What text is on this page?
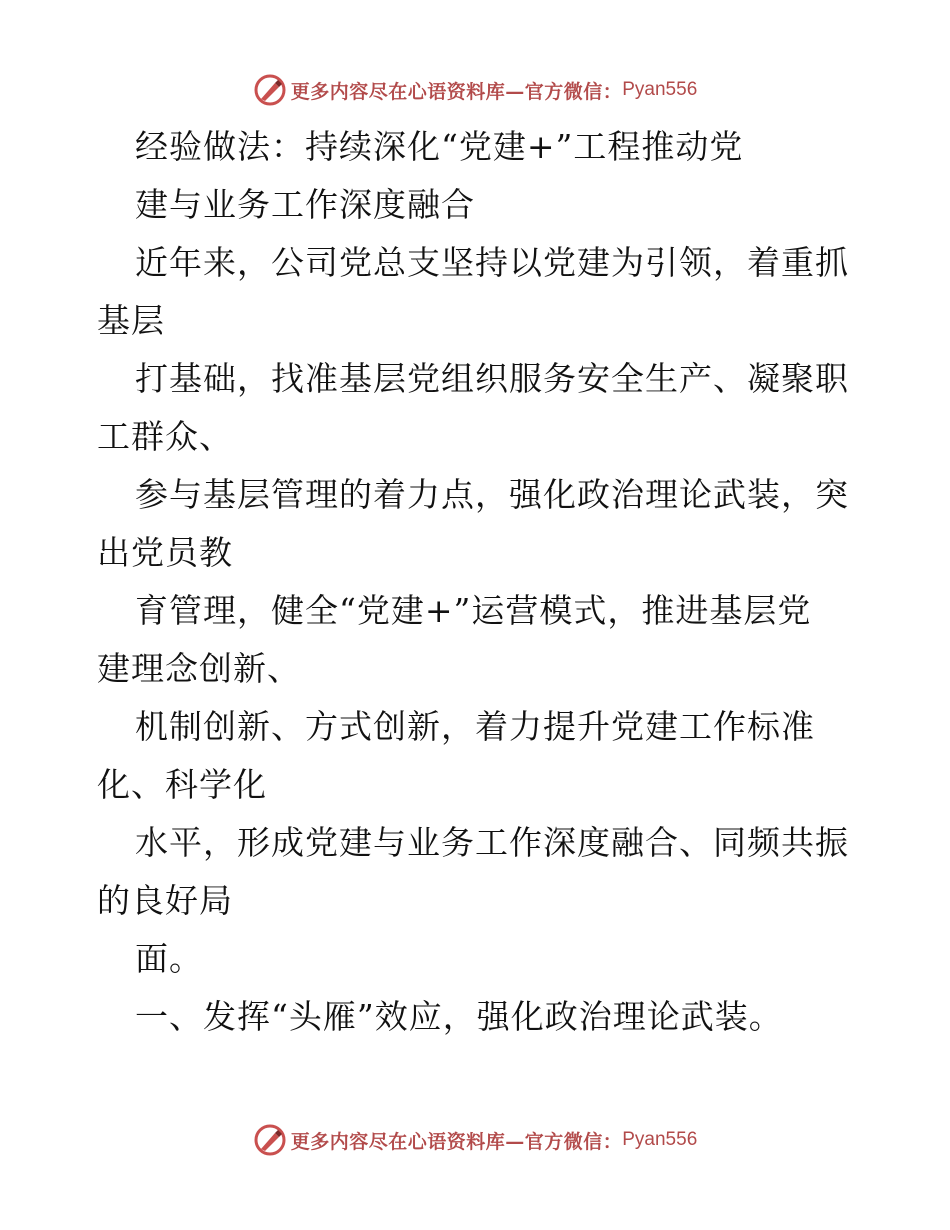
更多内容尽在心语资料库—官方微信： Pyan556
经验做法：持续深化“党建+”工程推动党
建与业务工作深度融合
近年来，公司党总支坚持以党建为引领，着重抓
基层
打基础，找准基层党组织服务安全生产、凝聚职
工群众、
参与基层管理的着力点，强化政治理论武装，突
出党员教
育管理，健全“党建+”运营模式，推进基层党
建理念创新、
机制创新、方式创新，着力提升党建工作标准
化、科学化
水平，形成党建与业务工作深度融合、同频共振
的良好局
面。
一、发挥“头雁”效应，强化政治理论武装。
更多内容尽在心语资料库—官方微信： Pyan556
